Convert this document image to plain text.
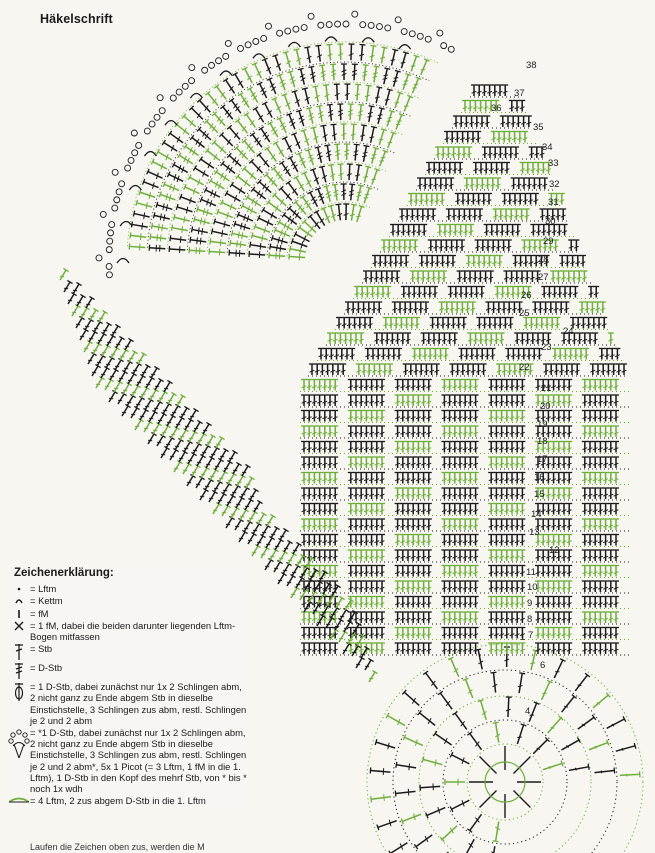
Häkelschrift
1
4
6
7
8
9
10
11
12
13
14
15
16
17
18
19
20
21
22
23
24
25
26
27
28
29
30
31
32
33
34
35
36
37
38
Zeichenerklärung:
= Lftm
= Kettm
= fM
= 1 fM, dabei die beiden darunter liegenden Lftm-Bogen mitfassen
= Stb
= D-Stb
= 1 D-Stb, dabei zunächst nur 1x 2 Schlingen abm, 2 nicht ganz zu Ende abgem Stb in dieselbe Einstichstelle, 3 Schlingen zus abm, restl. Schlingen je 2 und 2 abm
= *1 D-Stb, dabei zunächst nur 1x 2 Schlingen abm, 2 nicht ganz zu Ende abgem Stb in dieselbe Einstichstelle, 3 Schlingen zus abm, restl. Schlingen je 2 und 2 abm*, 5x 1 Picot (= 3 Lftm, 1 fM in die 1. Lftm), 1 D-Stb in den Kopf des mehrf Stb, von * bis * noch 1x wdh
= 4 Lftm, 2 zus abgem D-Stb in die 1. Lftm
Laufen die Zeichen oben zus, werden die M
